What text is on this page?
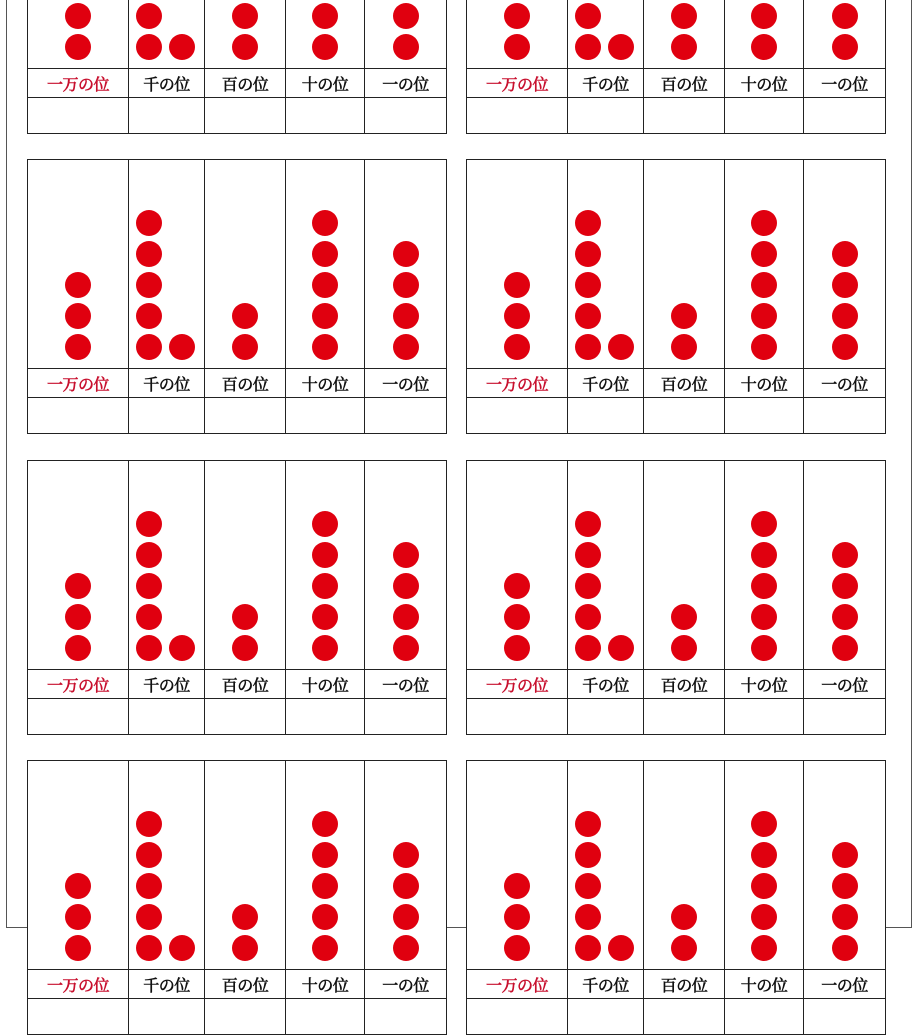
一万の位	千の位	百の位	十の位	一の位	一万の位	千の位	百の位	十の位	一の位
一万の位	千の位	百の位	十の位	一の位	一万の位	千の位	百の位	十の位	一の位
一万の位	千の位	百の位	十の位	一の位	一万の位	千の位	百の位	十の位	一の位
一万の位	千の位	百の位	十の位	一の位	一万の位	千の位	百の位	十の位	一の位
